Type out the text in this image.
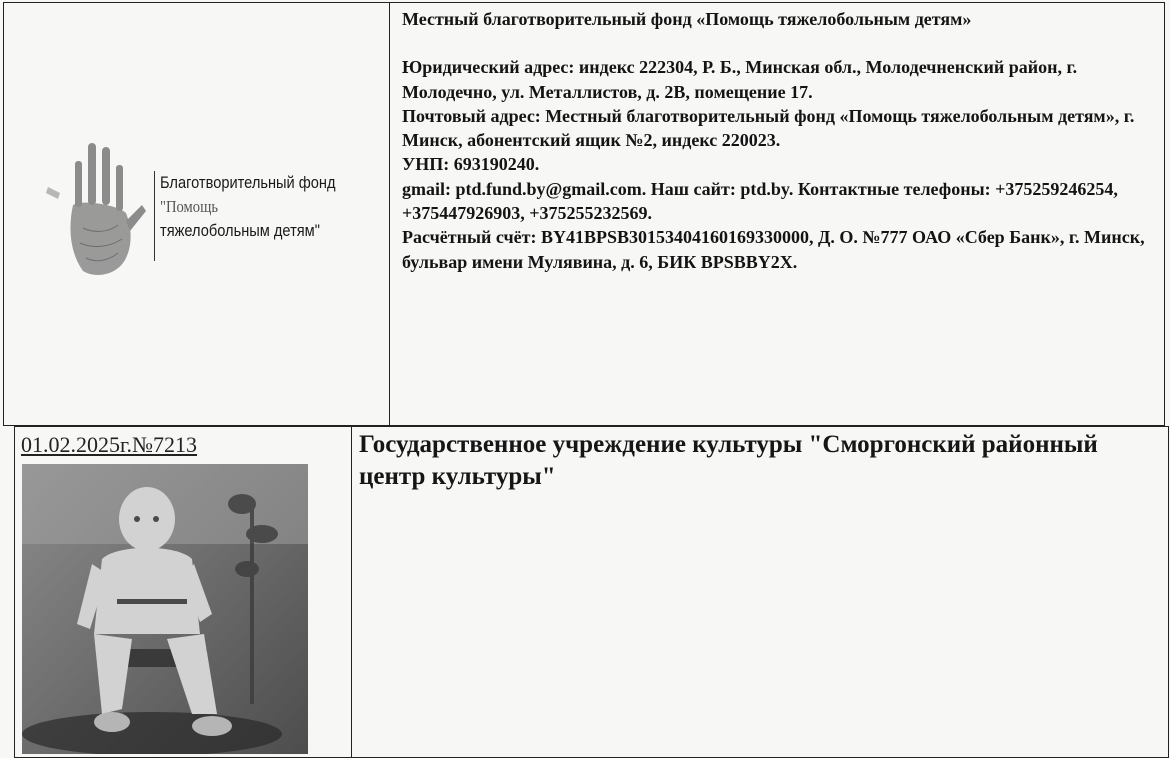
Благотворительный фонд
"Помощь
тяжелобольным детям"

Местный благотворительный фонд «Помощь тяжелобольным детям»

Юридический адрес: индекс 222304, Р. Б., Минская обл., Молодечненский район, г. Молодечно, ул. Металлистов, д. 2В, помещение 17.

Почтовый адрес: Местный благотворительный фонд «Помощь тяжелобольным детям», г. Минск, абонентский ящик №2, индекс 220023.

УНП: 693190240.

gmail: ptd.fund.by@gmail.com. Наш сайт: ptd.by. Контактные телефоны: +375259246254, +375447926903, +375255232569.

Расчётный счёт: BY41BPSB30153404160169330000, Д. О. №777 ОАО «Сбер Банк», г. Минск, бульвар имени Мулявина, д. 6, БИК BPSBBY2X.

01.02.2025г.№7213	Государственное учреждение культуры "Сморгонский районный центр культуры"
